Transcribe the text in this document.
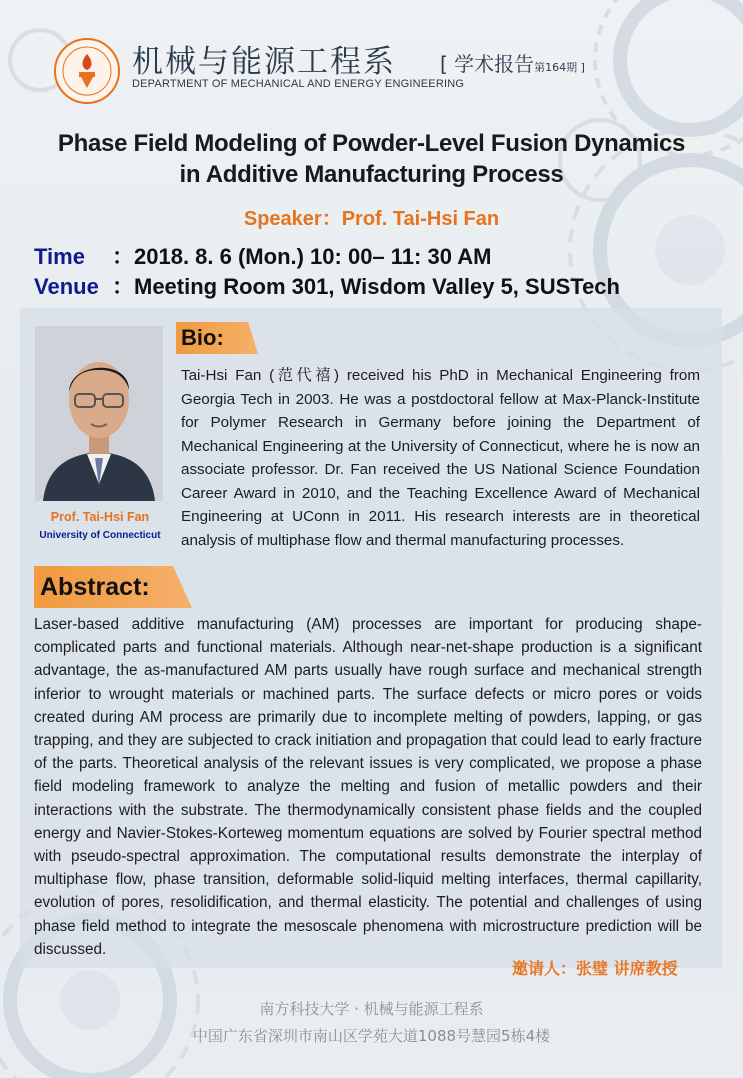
机械与能源工程系 [ 学术报告第164期 ]
DEPARTMENT OF MECHANICAL AND ENERGY ENGINEERING
Phase Field Modeling of Powder-Level Fusion Dynamics
in Additive Manufacturing Process
Speaker：Prof. Tai-Hsi Fan
Time ：2018. 8. 6 (Mon.) 10: 00– 11: 30 AM
Venue ：Meeting Room 301, Wisdom Valley 5, SUSTech
Prof. Tai-Hsi Fan
University of Connecticut
Bio:
Tai-Hsi Fan (范代禧) received his PhD in Mechanical Engineering from Georgia Tech in 2003. He was a postdoctoral fellow at Max-Planck-Institute for Polymer Research in Germany before joining the Department of Mechanical Engineering at the University of Connecticut, where he is now an associate professor. Dr. Fan received the US National Science Foundation Career Award in 2010, and the Teaching Excellence Award of Mechanical Engineering at UConn in 2011. His research interests are in theoretical analysis of multiphase flow and thermal manufacturing processes.
Abstract:
Laser-based additive manufacturing (AM) processes are important for producing shape-complicated parts and functional materials. Although near-net-shape production is a significant advantage, the as-manufactured AM parts usually have rough surface and mechanical strength inferior to wrought materials or machined parts. The surface defects or micro pores or voids created during AM process are primarily due to incomplete melting of powders, lapping, or gas trapping, and they are subjected to crack initiation and propagation that could lead to early fracture of the parts. Theoretical analysis of the relevant issues is very complicated, we propose a phase field modeling framework to analyze the melting and fusion of metallic powders and their interactions with the substrate. The thermodynamically consistent phase fields and the coupled energy and Navier-Stokes-Korteweg momentum equations are solved by Fourier spectral method with pseudo-spectral approximation. The computational results demonstrate the interplay of multiphase flow, phase transition, deformable solid-liquid melting interfaces, thermal capillarity, evolution of pores, resolidification, and thermal elasticity. The potential and challenges of using phase field method to integrate the mesoscale phenomena with microstructure prediction will be discussed.
邀请人：张璧 讲席教授
南方科技大学 · 机械与能源工程系
中国广东省深圳市南山区学苑大道1088号慧园5栋4楼
